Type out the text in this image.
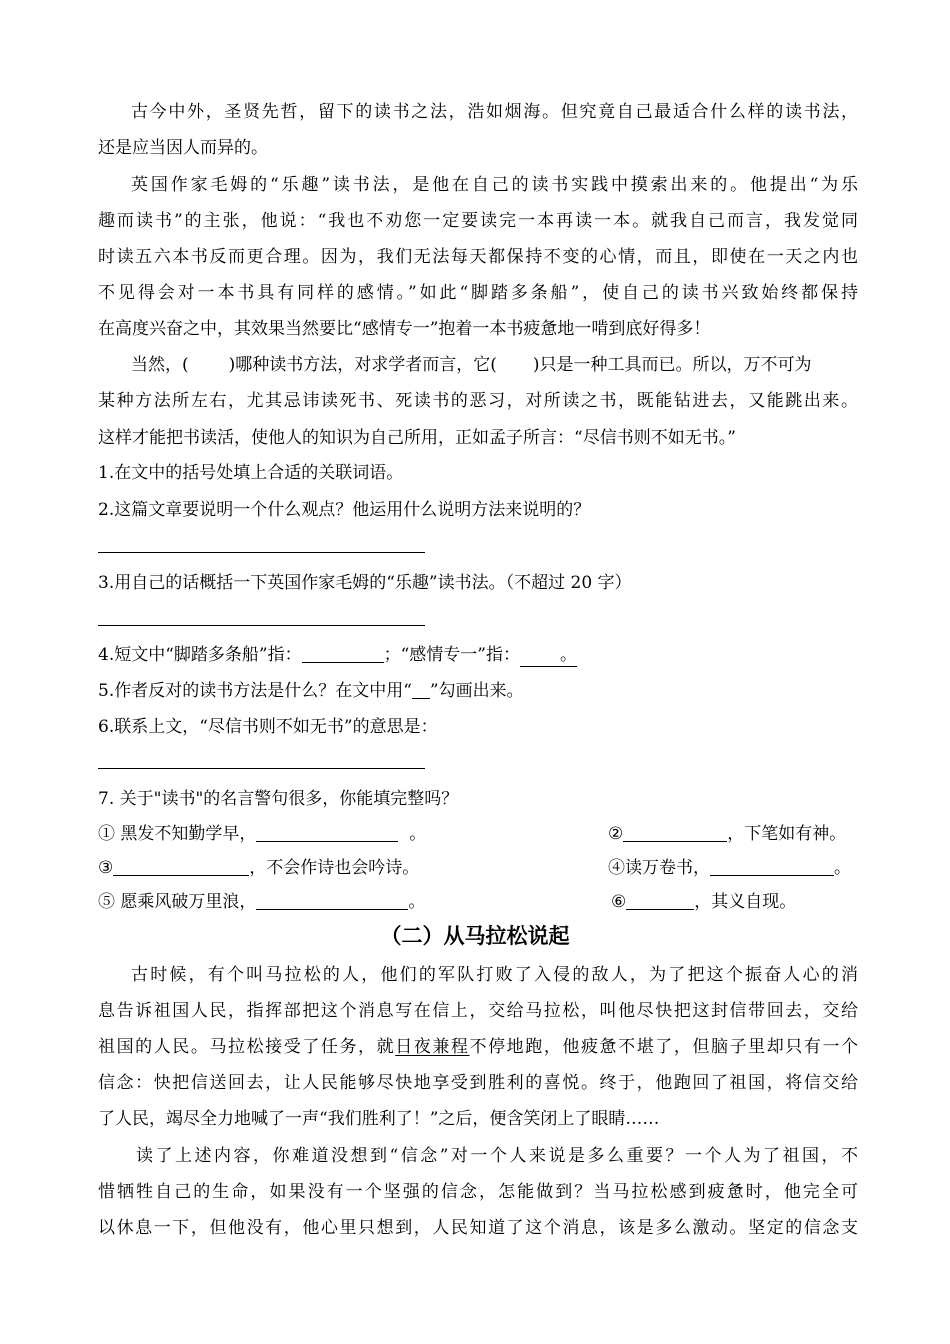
古今中外，圣贤先哲，留下的读书之法，浩如烟海。但究竟自己最适合什么样的读书法，
还是应当因人而异的。
英国作家毛姆的“乐趣”读书法，是他在自己的读书实践中摸索出来的。他提出“为乐
趣而读书”的主张，他说：“我也不劝您一定要读完一本再读一本。就我自己而言，我发觉同
时读五六本书反而更合理。因为，我们无法每天都保持不变的心情，而且，即使在一天之内也
不见得会对一本书具有同样的感情。”如此“脚踏多条船”，使自己的读书兴致始终都保持
在高度兴奋之中，其效果当然要比“感情专一”抱着一本书疲惫地一啃到底好得多！
当然，( )哪种读书方法，对求学者而言，它( )只是一种工具而已。所以，万不可为
某种方法所左右，尤其忌讳读死书、死读书的恶习，对所读之书，既能钻进去，又能跳出来。
这样才能把书读活，使他人的知识为自己所用，正如孟子所言：“尽信书则不如无书。”
1.在文中的括号处填上合适的关联词语。
2.这篇文章要说明一个什么观点？他运用什么说明方法来说明的？
3.用自己的话概括一下英国作家毛姆的“乐趣”读书法。（不超过 20 字）
4.短文中“脚踏多条船”指：	；“感情专一”指： 。
5.作者反对的读书方法是什么？在文中用“ ”勾画出来。
6.联系上文，“尽信书则不如无书”的意思是：
7. 关于"读书"的名言警句很多，你能填完整吗？
① 黑发不知勤学早，	。	②	，下笔如有神。
③	，不会作诗也会吟诗。	④读万卷书，	。
⑤ 愿乘风破万里浪，	。	⑥	，其义自现。
（二）从马拉松说起
古时候，有个叫马拉松的人，他们的军队打败了入侵的敌人，为了把这个振奋人心的消
息告诉祖国人民，指挥部把这个消息写在信上，交给马拉松，叫他尽快把这封信带回去，交给
祖国的人民。马拉松接受了任务，就日夜兼程不停地跑，他疲惫不堪了，但脑子里却只有一个
信念：快把信送回去，让人民能够尽快地享受到胜利的喜悦。终于，他跑回了祖国，将信交给
了人民，竭尽全力地喊了一声“我们胜利了！”之后，便含笑闭上了眼睛……
读了上述内容，你难道没想到“信念”对一个人来说是多么重要？一个人为了祖国，不
惜牺牲自己的生命，如果没有一个坚强的信念，怎能做到？当马拉松感到疲惫时，他完全可
以休息一下，但他没有，他心里只想到，人民知道了这个消息，该是多么激动。坚定的信念支
